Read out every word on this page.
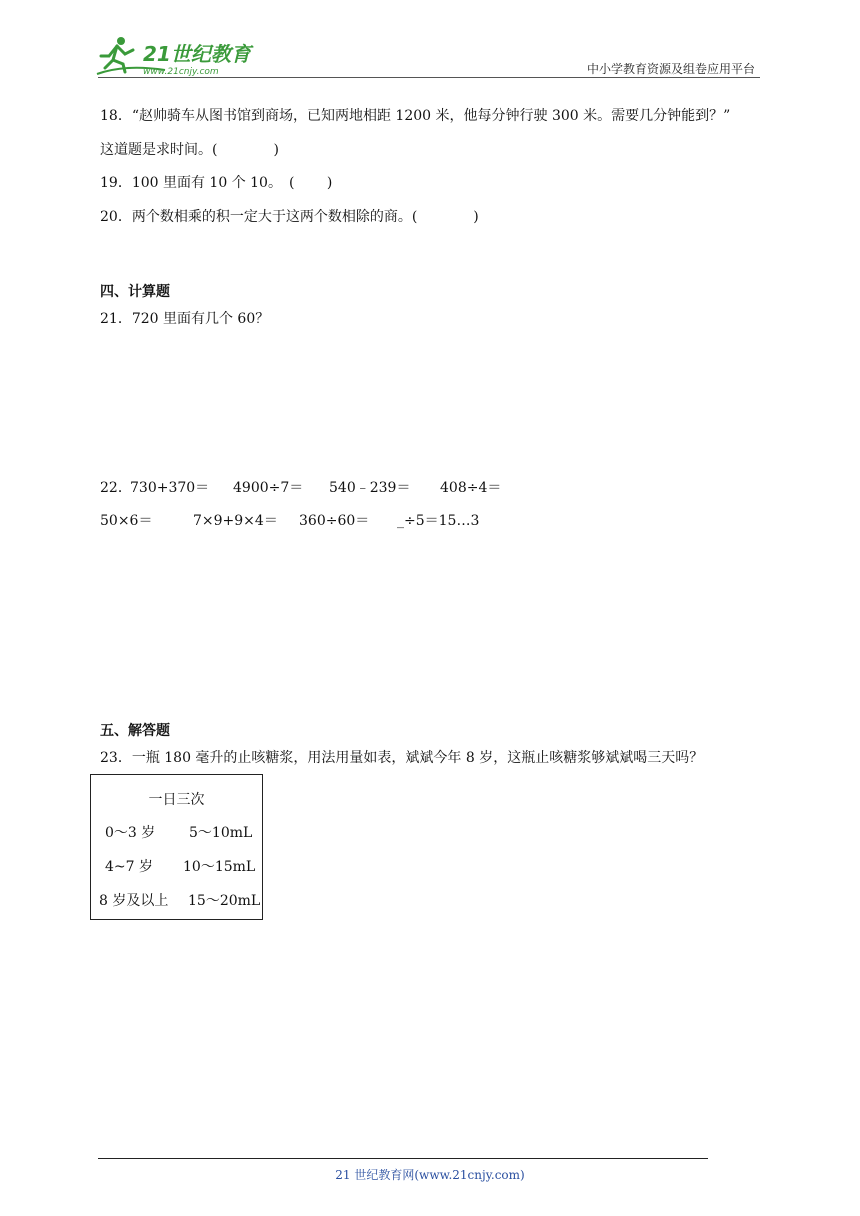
21世纪教育
www.21cnjy.com	中小学教育资源及组卷应用平台
18．“赵帅骑车从图书馆到商场，已知两地相距 1200 米，他每分钟行驶 300 米。需要几分钟能到？”
这道题是求时间。(　　　　)
19．100 里面有 10 个 10。　(　　 )
20．两个数相乘的积一定大于这两个数相除的商。(　　　　)
四、计算题
21．720 里面有几个 60？
22．
730+370＝ 4900÷7＝ 540﹣239＝ 408÷4＝
50×6＝	7×9+9×4＝ 360÷60＝ _÷5＝15…3
五、解答题
23．一瓶 180 毫升的止咳糖浆，用法用量如表，斌斌今年 8 岁，这瓶止咳糖浆够斌斌喝三天吗？
一日三次
0～3 岁 5～10mL
4~7 岁 10～15mL
8 岁及以上 15～20mL
21 世纪教育网(www.21cnjy.com)
